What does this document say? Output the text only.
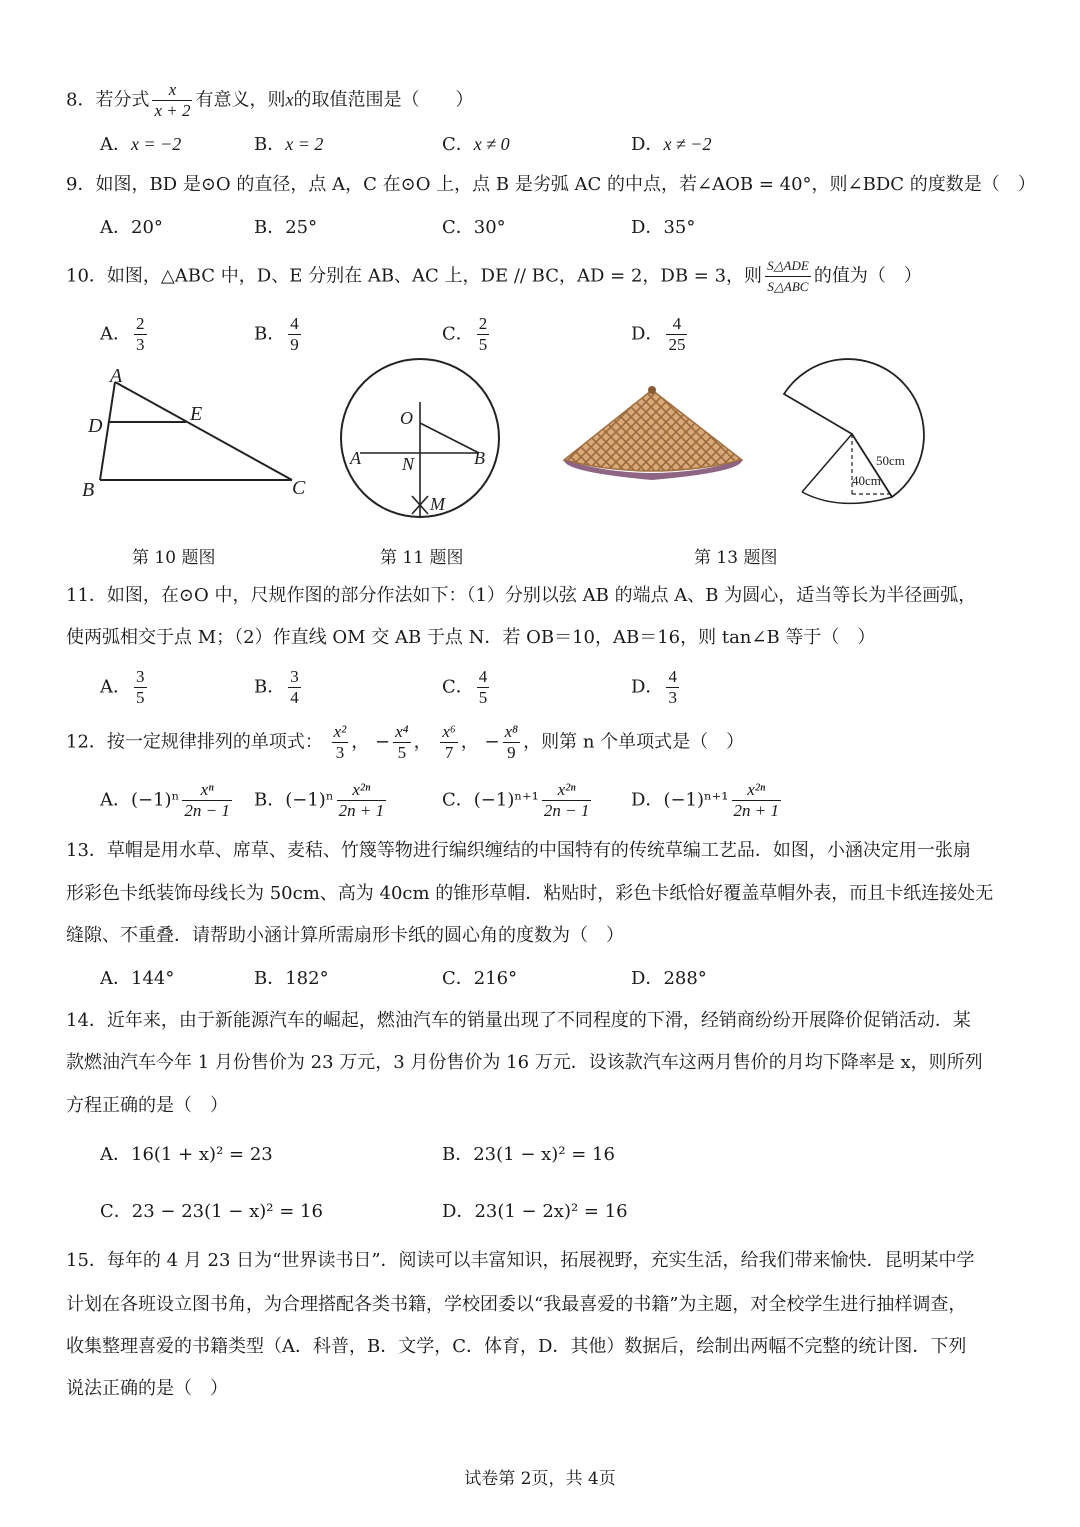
8．若分式 $\frac{x}{x + 2}$ 有意义，则x的取值范围是（　　）
A．x = −2	B．x = 2	C．x ≠ 0	D．x ≠ −2
9．如图，BD 是⊙O 的直径，点 A，C 在⊙O 上，点 B 是劣弧 AC 的中点，若∠AOB = 40°，则∠BDC 的度数是（　）
A．20°	B．25°	C．30°	D．35°
10．如图，△ABC 中，D、E 分别在 AB、AC 上，DE // BC，AD = 2，DB = 3，则 $\frac{\text{S△ADE}}{\text{S△ABC}}$ 的值为（　）
A． $\frac{2}{3}$	B． $\frac{4}{9}$	C． $\frac{2}{5}$	D． $\frac{4}{25}$
A
D
E
B	C
第 10 题图
O
A	B
N
M
第 11 题图
50cm
40cm
第 13 题图
11．如图，在⊙O 中，尺规作图的部分作法如下：（1）分别以弦 AB 的端点 A、B 为圆心，适当等长为半径画弧，
使两弧相交于点 M；（2）作直线 OM 交 AB 于点 N．若 OB＝10，AB＝16，则 tan∠B 等于（　）
A． $\frac{3}{5}$	B． $\frac{3}{4}$	C． $\frac{4}{5}$	D． $\frac{4}{3}$
12．按一定规律排列的单项式： $\frac{\text{x²}}{3}$ ， − $\frac{\text{x⁴}}{5}$ ， $\frac{\text{x⁶}}{7}$ ， − $\frac{\text{x⁸}}{9}$ ，则第 n 个单项式是（　）
A．$(-1)^n \frac{\text{xⁿ}}{2n - 1}$ B．$(-1)^n \frac{\text{x²ⁿ}}{2n + 1}$	C．$(-1)^{n+1} \frac{\text{x²ⁿ}}{2n - 1}$ D．$(-1)^{n+1} \frac{\text{x²ⁿ}}{2n + 1}$
13．草帽是用水草、席草、麦秸、竹篾等物进行编织缠结的中国特有的传统草编工艺品．如图，小涵决定用一张扇
形彩色卡纸装饰母线长为 50cm、高为 40cm 的锥形草帽．粘贴时，彩色卡纸恰好覆盖草帽外表，而且卡纸连接处无
缝隙、不重叠．请帮助小涵计算所需扇形卡纸的圆心角的度数为（　）
A．144°	B．182°	C．216°	D．288°
14．近年来，由于新能源汽车的崛起，燃油汽车的销量出现了不同程度的下滑，经销商纷纷开展降价促销活动．某
款燃油汽车今年 1 月份售价为 23 万元，3 月份售价为 16 万元．设该款汽车这两月售价的月均下降率是 x，则所列
方程正确的是（　）
A．16(1 + x)² = 23	B．23(1 − x)² = 16
C．23 − 23(1 − x)² = 16	D．23(1 − 2x)² = 16
15．每年的 4 月 23 日为“世界读书日”．阅读可以丰富知识，拓展视野，充实生活，给我们带来愉快．昆明某中学
计划在各班设立图书角，为合理搭配各类书籍，学校团委以“我最喜爱的书籍”为主题，对全校学生进行抽样调查，
收集整理喜爱的书籍类型（A．科普，B．文学，C．体育，D．其他）数据后，绘制出两幅不完整的统计图．下列
说法正确的是（　）
试卷第 2页，共 4页
